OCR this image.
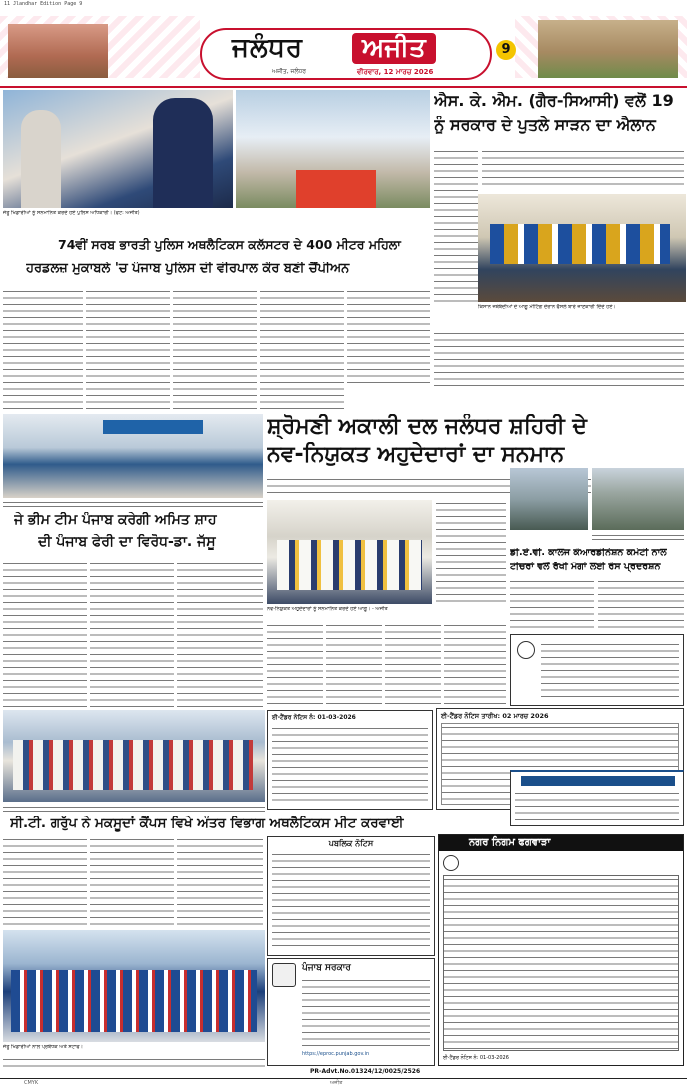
11 Jlandhar Edition Page 9
ਜਲੰਧਰ	ਅਜੀਤ
ਅਜੀਤ, ਜਲੰਧਰ	ਵੀਰਵਾਰ, 12 ਮਾਰਚ 2026
9
ਜੇਤੂ ਖਿਡਾਰੀਆਂ ਨੂੰ ਸਨਮਾਨਿਤ ਕਰਦੇ ਹੋਏ ਪੁਲਿਸ ਅਧਿਕਾਰੀ। (ਫੋਟੋ: ਅਜੀਤ)
ਐਸ. ਕੇ. ਐਮ. (ਗੈਰ-ਸਿਆਸੀ) ਵਲੋਂ 19
ਨੂੰ ਸਰਕਾਰ ਦੇ ਪੁਤਲੇ ਸਾੜਨ ਦਾ ਐਲਾਨ
ਕਿਸਾਨ ਜਥੇਬੰਦੀਆਂ ਦੇ ਆਗੂ ਮੀਟਿੰਗ ਦੌਰਾਨ ਫੈਸਲੇ ਬਾਰੇ ਜਾਣਕਾਰੀ ਦਿੰਦੇ ਹੋਏ।
74ਵੀਂ ਸਰਬ ਭਾਰਤੀ ਪੁਲਿਸ ਅਥਲੈਟਿਕਸ ਕਲੱਸਟਰ ਦੇ 400 ਮੀਟਰ ਮਹਿਲਾ
ਹਰਡਲਜ਼ ਮੁਕਾਬਲੇ 'ਚ ਪੰਜਾਬ ਪੁਲਿਸ ਦੀ ਵੀਰਪਾਲ ਕੌਰ ਬਣੀ ਚੈਂਪੀਅਨ
ਸ਼੍ਰੋਮਣੀ ਅਕਾਲੀ ਦਲ ਜਲੰਧਰ ਸ਼ਹਿਰੀ ਦੇ
ਨਵ-ਨਿਯੁਕਤ ਅਹੁਦੇਦਾਰਾਂ ਦਾ ਸਨਮਾਨ
ਜੇ ਭੀਮ ਟੀਮ ਪੰਜਾਬ ਕਰੇਗੀ ਅਮਿਤ ਸ਼ਾਹ
ਦੀ ਪੰਜਾਬ ਫੇਰੀ ਦਾ ਵਿਰੋਧ-ਡਾ. ਜੱਸੂ
ਡੀ.ਏ.ਵੀ. ਕਾਲਜ ਕੋਆਰਡੀਨੇਸ਼ਨ ਕਮੇਟੀ ਨਾਲ
ਟੀਚਰਾਂ ਵਲੋਂ ਰੱਖੀ ਮੰਗਾਂ ਲਈ ਰੋਸ ਪ੍ਰਦਰਸ਼ਨ
ਨਵ-ਨਿਯੁਕਤ ਅਹੁਦੇਦਾਰਾਂ ਨੂੰ ਸਨਮਾਨਿਤ ਕਰਦੇ ਹੋਏ ਆਗੂ। - ਅਜੀਤ
ਈ-ਟੈਂਡਰ ਨੋਟਿਸ ਤਾਰੀਖ: 02 ਮਾਰਚ 2026
ਈ-ਟੈਂਡਰ ਨੋਟਿਸ ਨੰ: 01-03-2026
ਸੀ.ਟੀ. ਗਰੁੱਪ ਨੇ ਮਕਸੂਦਾਂ ਕੈਂਪਸ ਵਿਖੇ ਅੰਤਰ ਵਿਭਾਗ ਅਥਲੈਟਿਕਸ ਮੀਟ ਕਰਵਾਈ
ਪਬਲਿਕ ਨੋਟਿਸ	ਨਗਰ ਨਿਗਮ ਫਗਵਾੜਾ
ਈ-ਟੈਂਡਰ ਨੋਟਿਸ ਨੰ: 01-03-2026
ਜੇਤੂ ਖਿਡਾਰੀਆਂ ਨਾਲ ਪ੍ਰਬੰਧਕ ਅਤੇ ਸਟਾਫ।
ਪੰਜਾਬ ਸਰਕਾਰ
https://eproc.punjab.gov.in
PR-Advt.No.01324/12/0025/2526
CMYK	ਅਜੀਤ
